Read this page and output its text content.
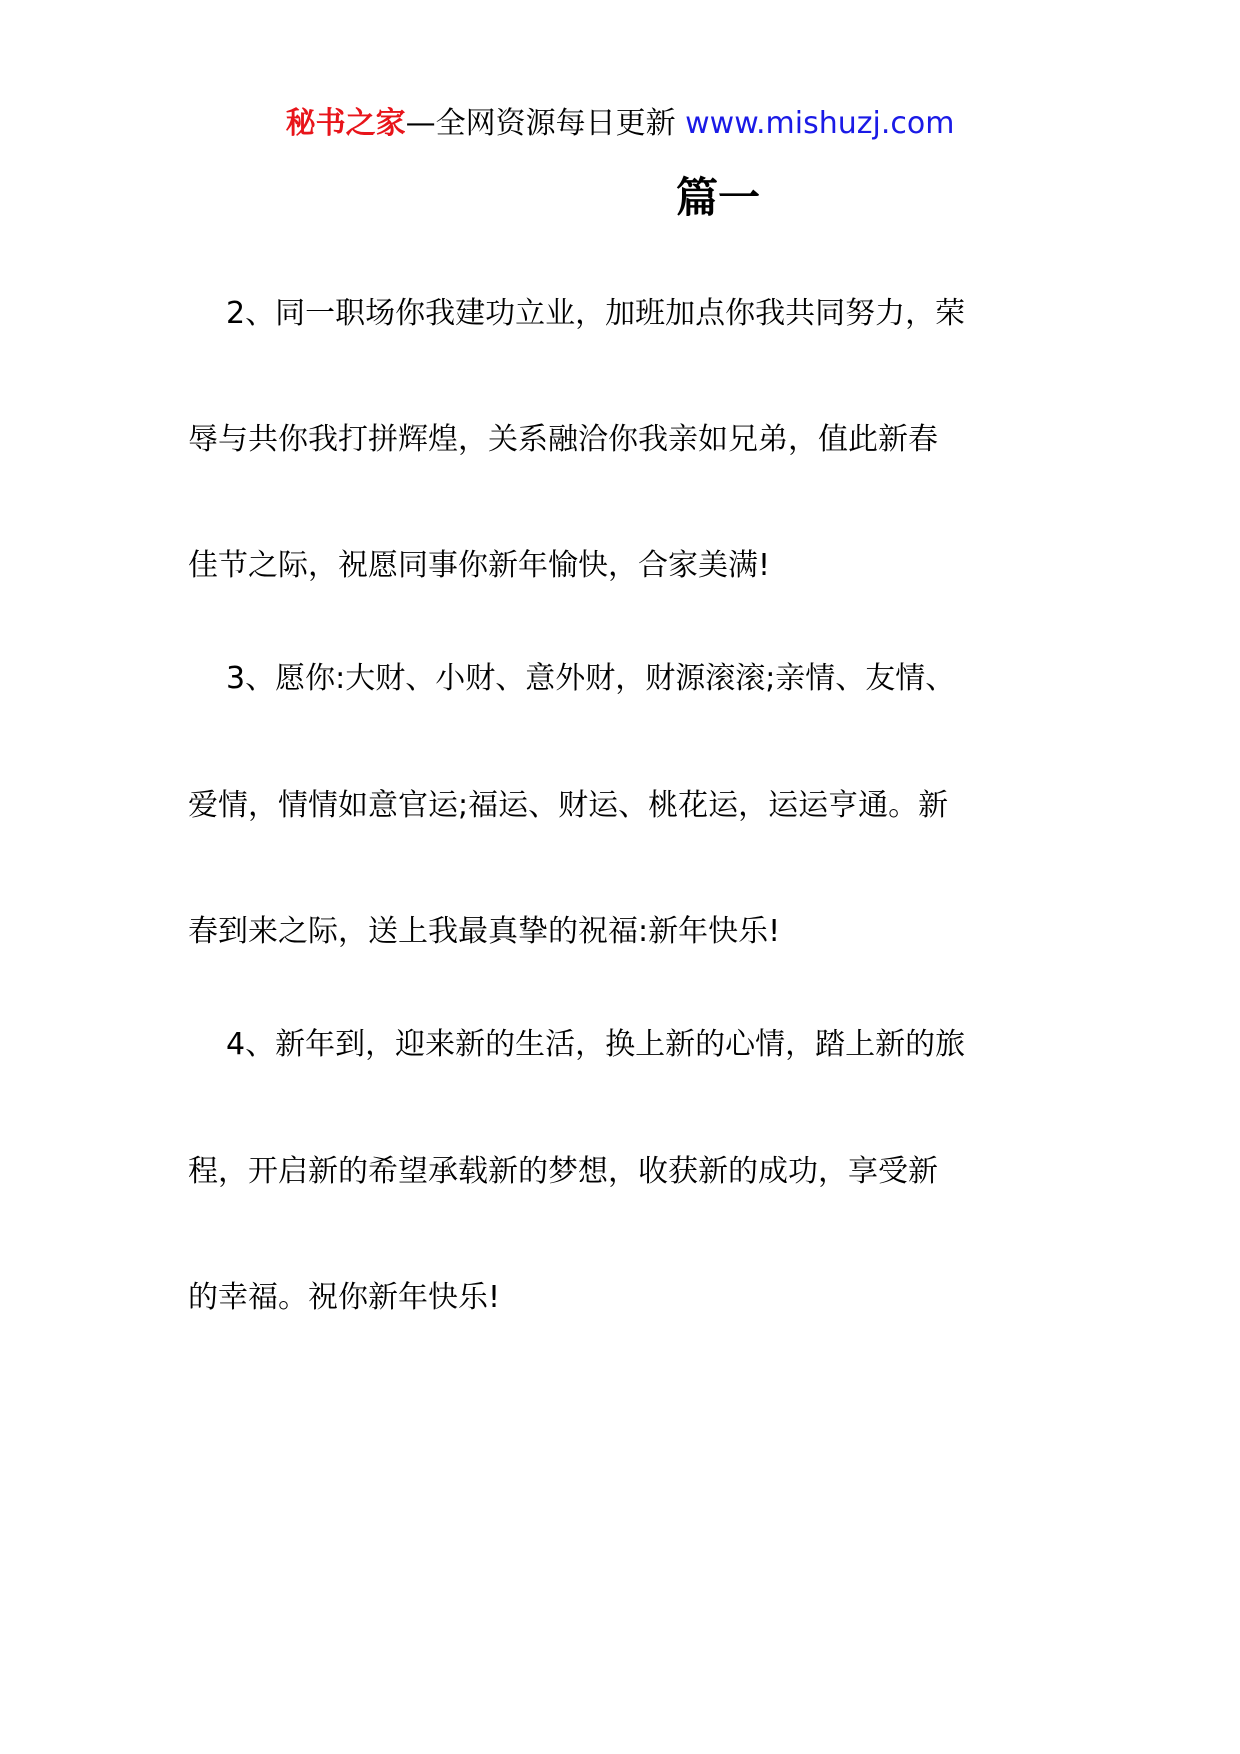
秘书之家—全网资源每日更新 www.mishuzj.com
篇一
2、同一职场你我建功立业，加班加点你我共同努力，荣
辱与共你我打拼辉煌，关系融洽你我亲如兄弟，值此新春
佳节之际，祝愿同事你新年愉快，合家美满!
3、愿你:大财、小财、意外财，财源滚滚;亲情、友情、
爱情，情情如意官运;福运、财运、桃花运，运运亨通。新
春到来之际，送上我最真挚的祝福:新年快乐!
4、新年到，迎来新的生活，换上新的心情，踏上新的旅
程，开启新的希望承载新的梦想，收获新的成功，享受新
的幸福。祝你新年快乐!
